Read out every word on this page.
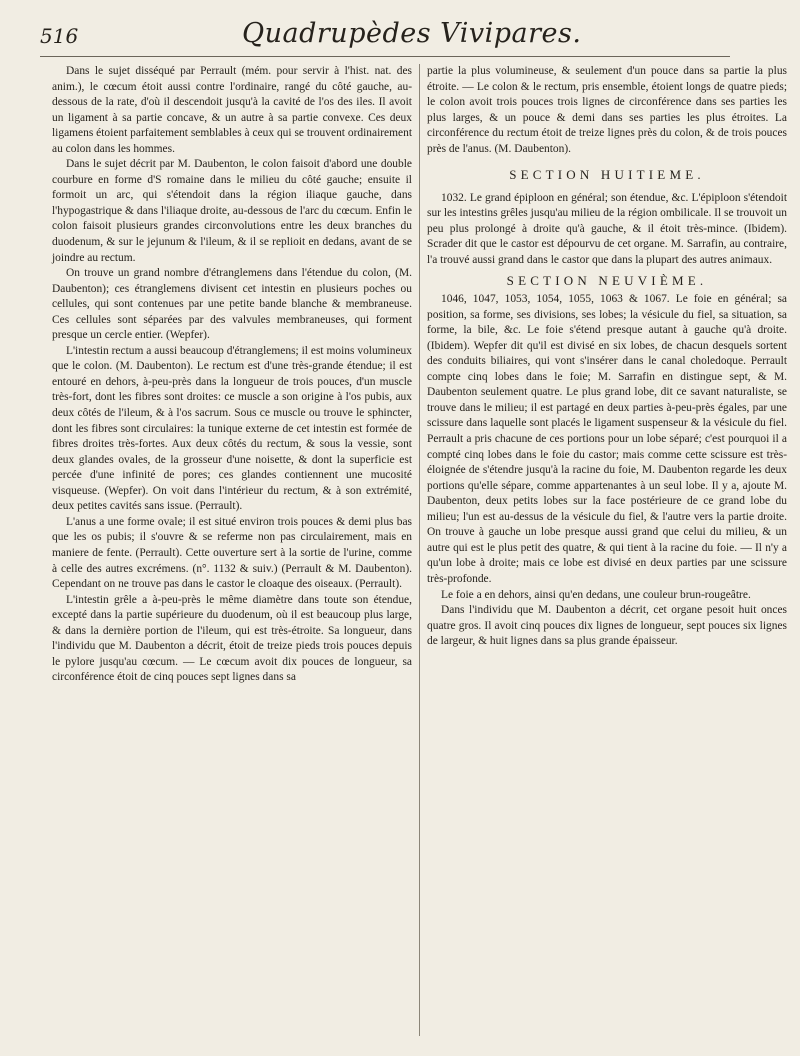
516	Quadrupèdes Vivipares.

Dans le sujet disséqué par Perrault (mém. pour servir à l'hist. nat. des anim.), le cœcum étoit aussi contre l'ordinaire, rangé du côté gauche, au-dessous de la rate, d'où il descendoit jusqu'à la cavité de l'os des iles. Il avoit un ligament à sa partie concave, & un autre à sa partie convexe. Ces deux ligamens étoient parfaitement semblables à ceux qui se trouvent ordinairement au colon dans les hommes.

Dans le sujet décrit par M. Daubenton, le colon faisoit d'abord une double courbure en forme d'S romaine dans le milieu du côté gauche; ensuite il formoit un arc, qui s'étendoit dans la région iliaque gauche, dans l'hypogastrique & dans l'iliaque droite, au-dessous de l'arc du cœcum. Enfin le colon faisoit plusieurs grandes circonvolutions entre les deux branches du duodenum, & sur le jejunum & l'ileum, & il se replioit en dedans, avant de se joindre au rectum.

On trouve un grand nombre d'étranglemens dans l'étendue du colon, (M. Daubenton); ces étranglemens divisent cet intestin en plusieurs poches ou cellules, qui sont contenues par une petite bande blanche & membraneuse. Ces cellules sont séparées par des valvules membraneuses, qui forment presque un cercle entier. (Wepfer).

L'intestin rectum a aussi beaucoup d'étranglemens; il est moins volumineux que le colon. (M. Daubenton). Le rectum est d'une très-grande étendue; il est entouré en dehors, à-peu-près dans la longueur de trois pouces, d'un muscle très-fort, dont les fibres sont droites: ce muscle a son origine à l'os pubis, aux deux côtés de l'ileum, & à l'os sacrum. Sous ce muscle ou trouve le sphincter, dont les fibres sont circulaires: la tunique externe de cet intestin est formée de fibres droites très-fortes. Aux deux côtés du rectum, & sous la vessie, sont deux glandes ovales, de la grosseur d'une noisette, & dont la superficie est percée d'une infinité de pores; ces glandes contiennent une mucosité visqueuse. (Wepfer). On voit dans l'intérieur du rectum, & à son extrémité, deux petites cavités sans issue. (Perrault).

L'anus a une forme ovale; il est situé environ trois pouces & demi plus bas que les os pubis; il s'ouvre & se referme non pas circulairement, mais en maniere de fente. (Perrault). Cette ouverture sert à la sortie de l'urine, comme à celle des autres excrémens. (n°. 1132 & suiv.) (Perrault & M. Daubenton). Cependant on ne trouve pas dans le castor le cloaque des oiseaux. (Perrault).

L'intestin grêle a à-peu-près le même diamètre dans toute son étendue, excepté dans la partie supérieure du duodenum, où il est beaucoup plus large, & dans la dernière portion de l'ileum, qui est très-étroite. Sa longueur, dans l'individu que M. Daubenton a décrit, étoit de treize pieds trois pouces depuis le pylore jusqu'au cœcum. — Le cœcum avoit dix pouces de longueur, sa circonférence étoit de cinq pouces sept lignes dans sa

partie la plus volumineuse, & seulement d'un pouce dans sa partie la plus étroite. — Le colon & le rectum, pris ensemble, étoient longs de quatre pieds; le colon avoit trois pouces trois lignes de circonférence dans ses parties les plus larges, & un pouce & demi dans ses parties les plus étroites. La circonférence du rectum étoit de treize lignes près du colon, & de trois pouces près de l'anus. (M. Daubenton).

SECTION HUITIEME.

1032. Le grand épiploon en général; son étendue, &c. L'épiploon s'étendoit sur les intestins grêles jusqu'au milieu de la région ombilicale. Il se trouvoit un peu plus prolongé à droite qu'à gauche, & il étoit très-mince. (Ibidem). Scrader dit que le castor est dépourvu de cet organe. M. Sarrafin, au contraire, l'a trouvé aussi grand dans le castor que dans la plupart des autres animaux.

SECTION NEUVIÈME.

1046, 1047, 1053, 1054, 1055, 1063 & 1067. Le foie en général; sa position, sa forme, ses divisions, ses lobes; la vésicule du fiel, sa situation, sa forme, la bile, &c. Le foie s'étend presque autant à gauche qu'à droite. (Ibidem). Wepfer dit qu'il est divisé en six lobes, de chacun desquels sortent des conduits biliaires, qui vont s'insérer dans le canal choledoque. Perrault compte cinq lobes dans le foie; M. Sarrafin en distingue sept, & M. Daubenton seulement quatre. Le plus grand lobe, dit ce savant naturaliste, se trouve dans le milieu; il est partagé en deux parties à-peu-près égales, par une scissure dans laquelle sont placés le ligament suspenseur & la vésicule du fiel. Perrault a pris chacune de ces portions pour un lobe séparé; c'est pourquoi il a compté cinq lobes dans le foie du castor; mais comme cette scissure est très-éloignée de s'étendre jusqu'à la racine du foie, M. Daubenton regarde les deux portions qu'elle sépare, comme appartenantes à un seul lobe. Il y a, ajoute M. Daubenton, deux petits lobes sur la face postérieure de ce grand lobe du milieu; l'un est au-dessus de la vésicule du fiel, & l'autre vers la partie droite. On trouve à gauche un lobe presque aussi grand que celui du milieu, & un autre qui est le plus petit des quatre, & qui tient à la racine du foie. — Il n'y a qu'un lobe à droite; mais ce lobe est divisé en deux parties par une scissure très-profonde.

Le foie a en dehors, ainsi qu'en dedans, une couleur brun-rougeâtre.

Dans l'individu que M. Daubenton a décrit, cet organe pesoit huit onces quatre gros. Il avoit cinq pouces dix lignes de longueur, sept pouces six lignes de largeur, & huit lignes dans sa plus grande épaisseur.
